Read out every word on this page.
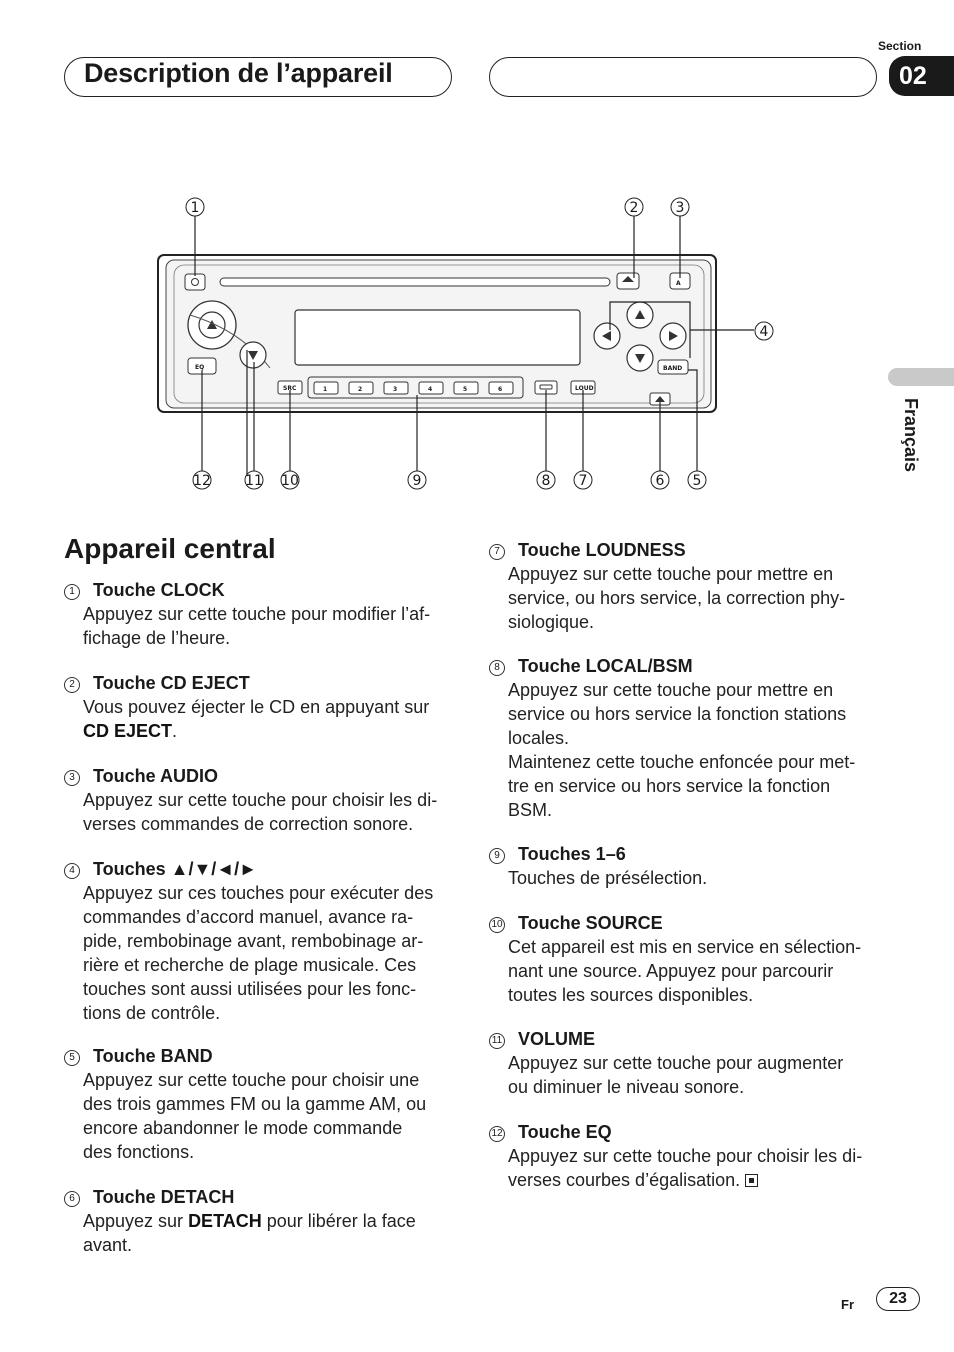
Description de l’appareil
Section
02
Français
A
EQ
SRC	1	2	3	4	5	6	LOUD
BAND
1	2	3
4
5
6
7
8
9
10
11
12
Appareil central
Fr	23
1 Touche CLOCK
Appuyez sur cette touche pour modifier l’af-
fichage de l’heure.
2 Touche CD EJECT
Vous pouvez éjecter le CD en appuyant sur
CD EJECT.
3 Touche AUDIO
Appuyez sur cette touche pour choisir les di-
verses commandes de correction sonore.
4 Touches ▲/▼/◄/►
Appuyez sur ces touches pour exécuter des
commandes d’accord manuel, avance ra-
pide, rembobinage avant, rembobinage ar-
rière et recherche de plage musicale. Ces
touches sont aussi utilisées pour les fonc-
tions de contrôle.
5 Touche BAND
Appuyez sur cette touche pour choisir une
des trois gammes FM ou la gamme AM, ou
encore abandonner le mode commande
des fonctions.
6 Touche DETACH
Appuyez sur DETACH pour libérer la face
avant.
7 Touche LOUDNESS
Appuyez sur cette touche pour mettre en
service, ou hors service, la correction phy-
siologique.
8 Touche LOCAL/BSM
Appuyez sur cette touche pour mettre en
service ou hors service la fonction stations
locales.
Maintenez cette touche enfoncée pour met-
tre en service ou hors service la fonction
BSM.
9 Touches 1–6
Touches de présélection.
10 Touche SOURCE
Cet appareil est mis en service en sélection-
nant une source. Appuyez pour parcourir
toutes les sources disponibles.
11 VOLUME
Appuyez sur cette touche pour augmenter
ou diminuer le niveau sonore.
12 Touche EQ
Appuyez sur cette touche pour choisir les di-
verses courbes d’égalisation.
